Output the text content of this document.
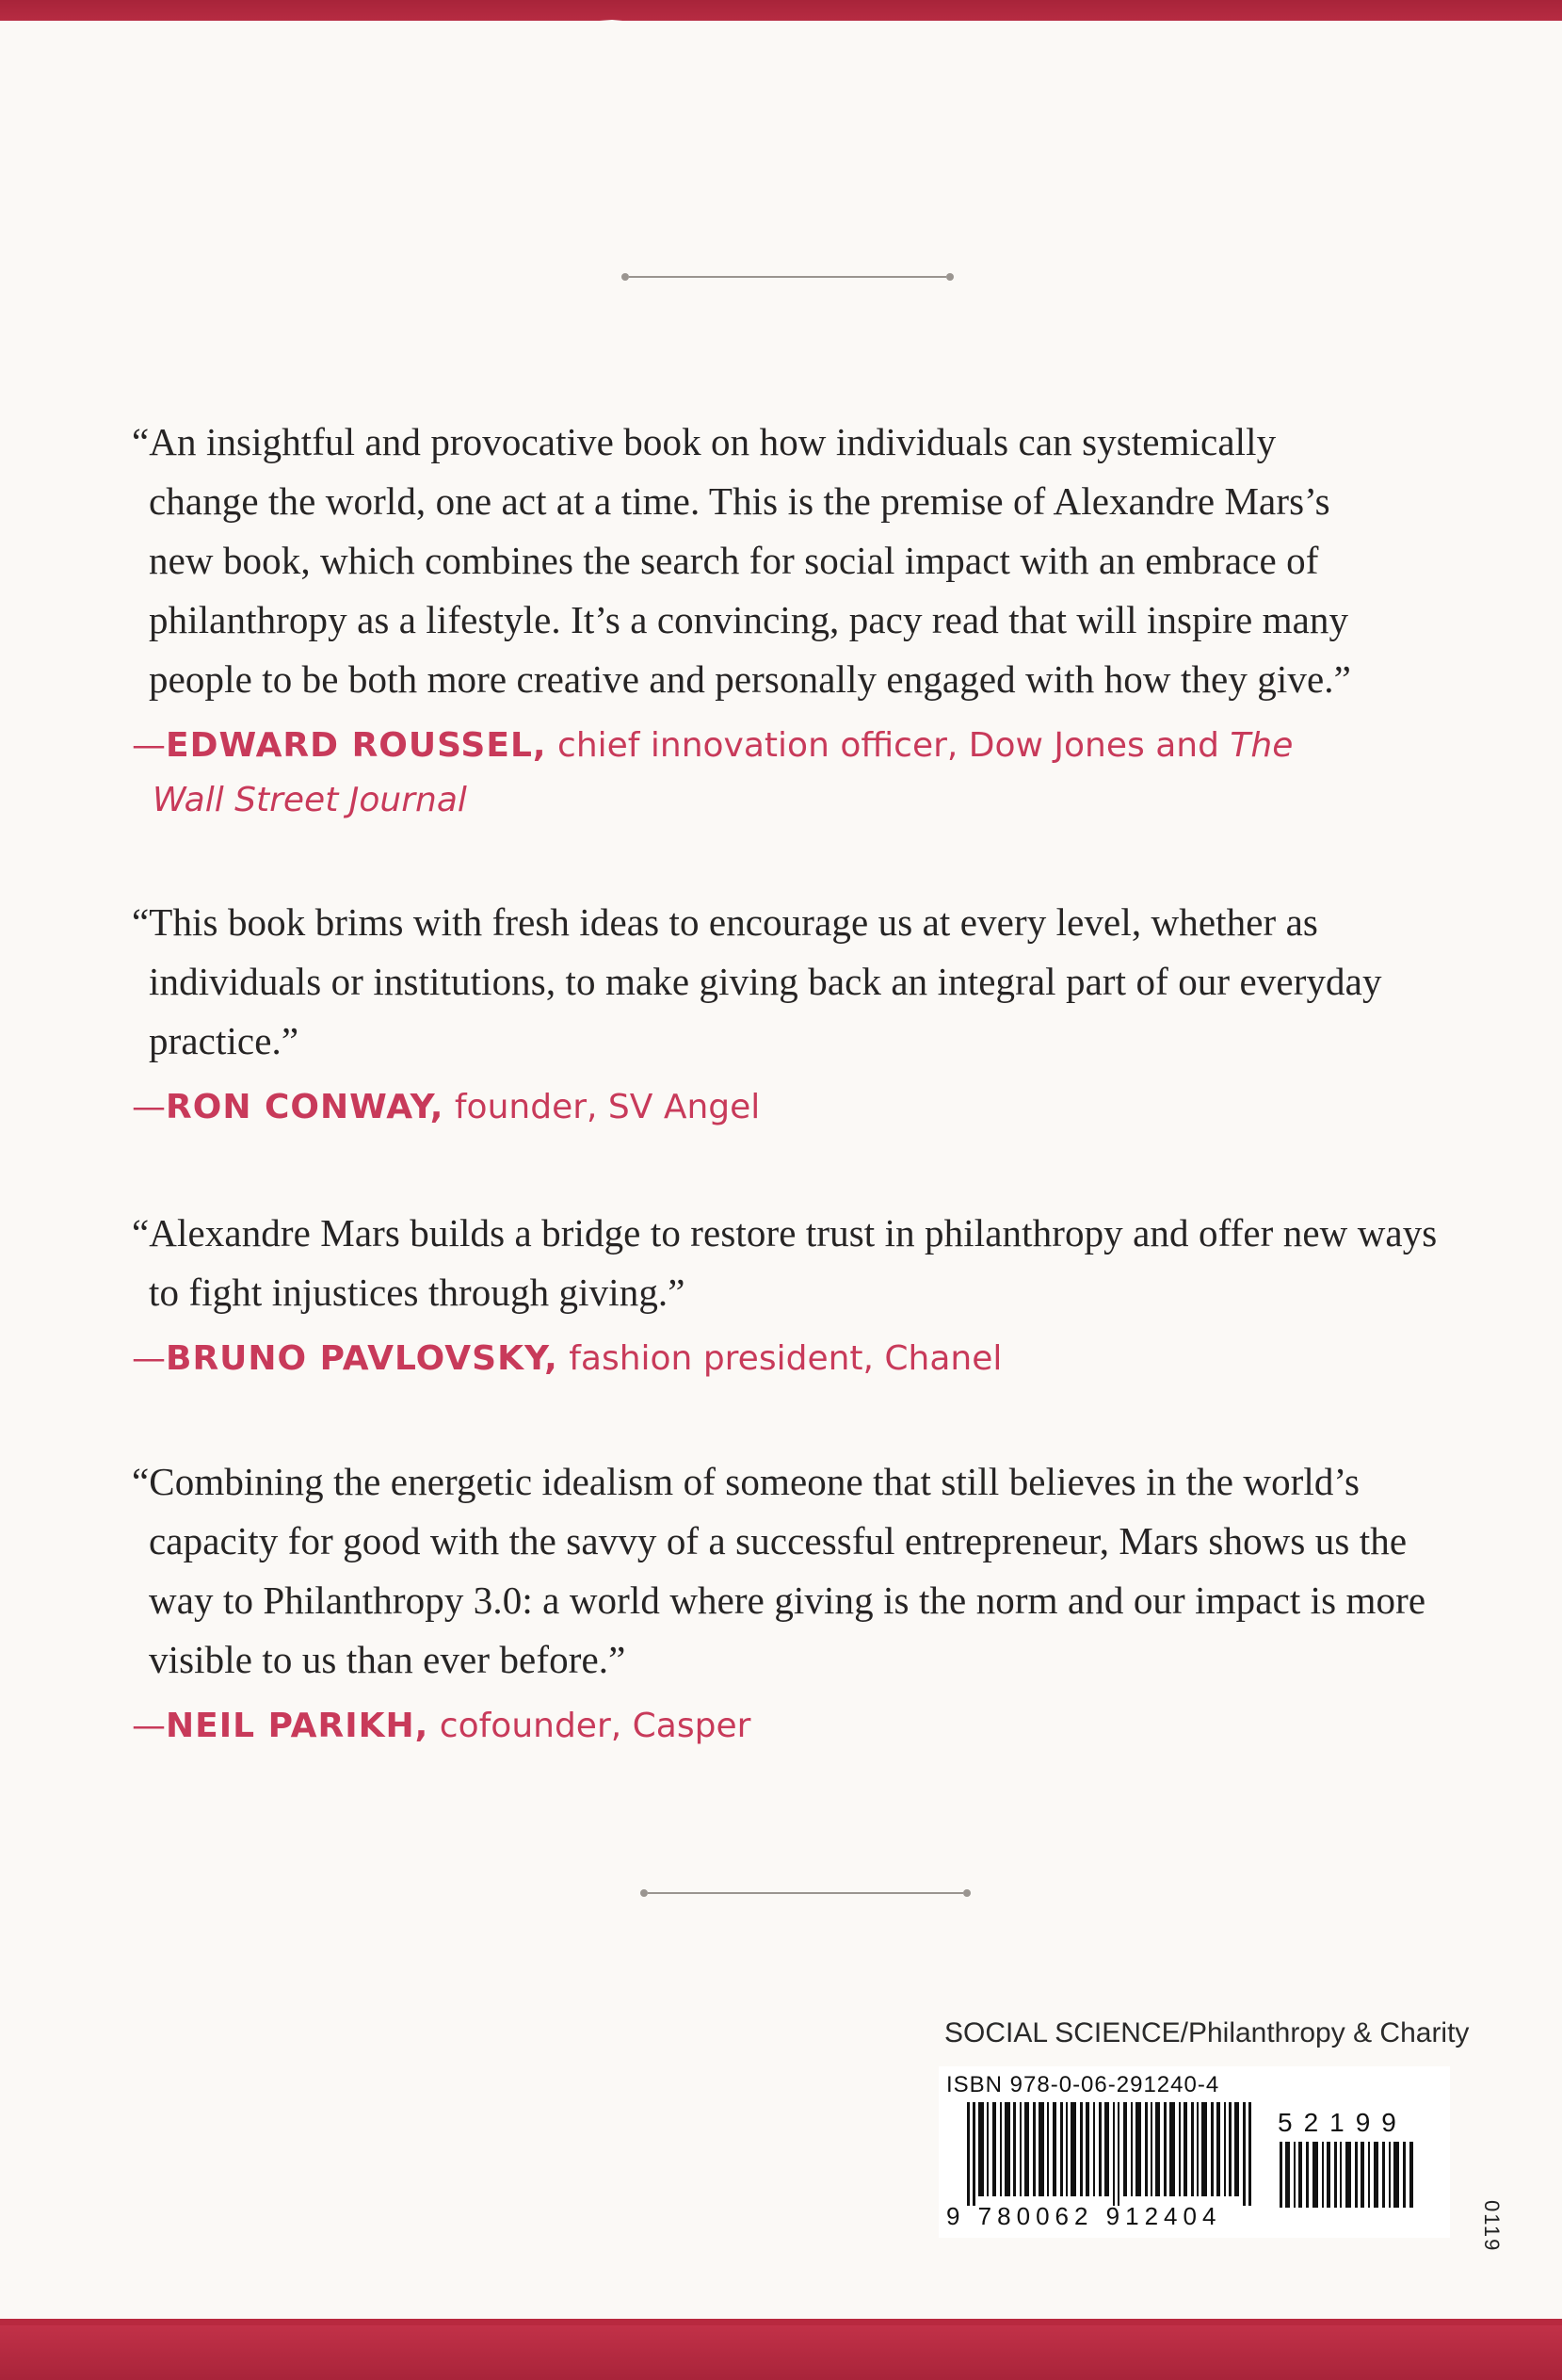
“An insightful and provocative book on how individuals can systemically change the world, one act at a time. This is the premise of Alexandre Mars’s new book, which combines the search for social impact with an embrace of philanthropy as a lifestyle. It’s a convincing, pacy read that will inspire many people to be both more creative and personally engaged with how they give.”

—EDWARD ROUSSEL, chief innovation officer, Dow Jones and The Wall Street Journal

“This book brims with fresh ideas to encourage us at every level, whether as individuals or institutions, to make giving back an integral part of our everyday practice.”

—RON CONWAY, founder, SV Angel

“Alexandre Mars builds a bridge to restore trust in philanthropy and offer new ways to fight injustices through giving.”

—BRUNO PAVLOVSKY, fashion president, Chanel

“Combining the energetic idealism of someone that still believes in the world’s capacity for good with the savvy of a successful entrepreneur, Mars shows us the way to Philanthropy 3.0: a world where giving is the norm and our impact is more visible to us than ever before.”

—NEIL PARIKH, cofounder, Casper

SOCIAL SCIENCE/Philanthropy & Charity
ISBN 978-0-06-291240-4
52199
9 780062 912404	0119
